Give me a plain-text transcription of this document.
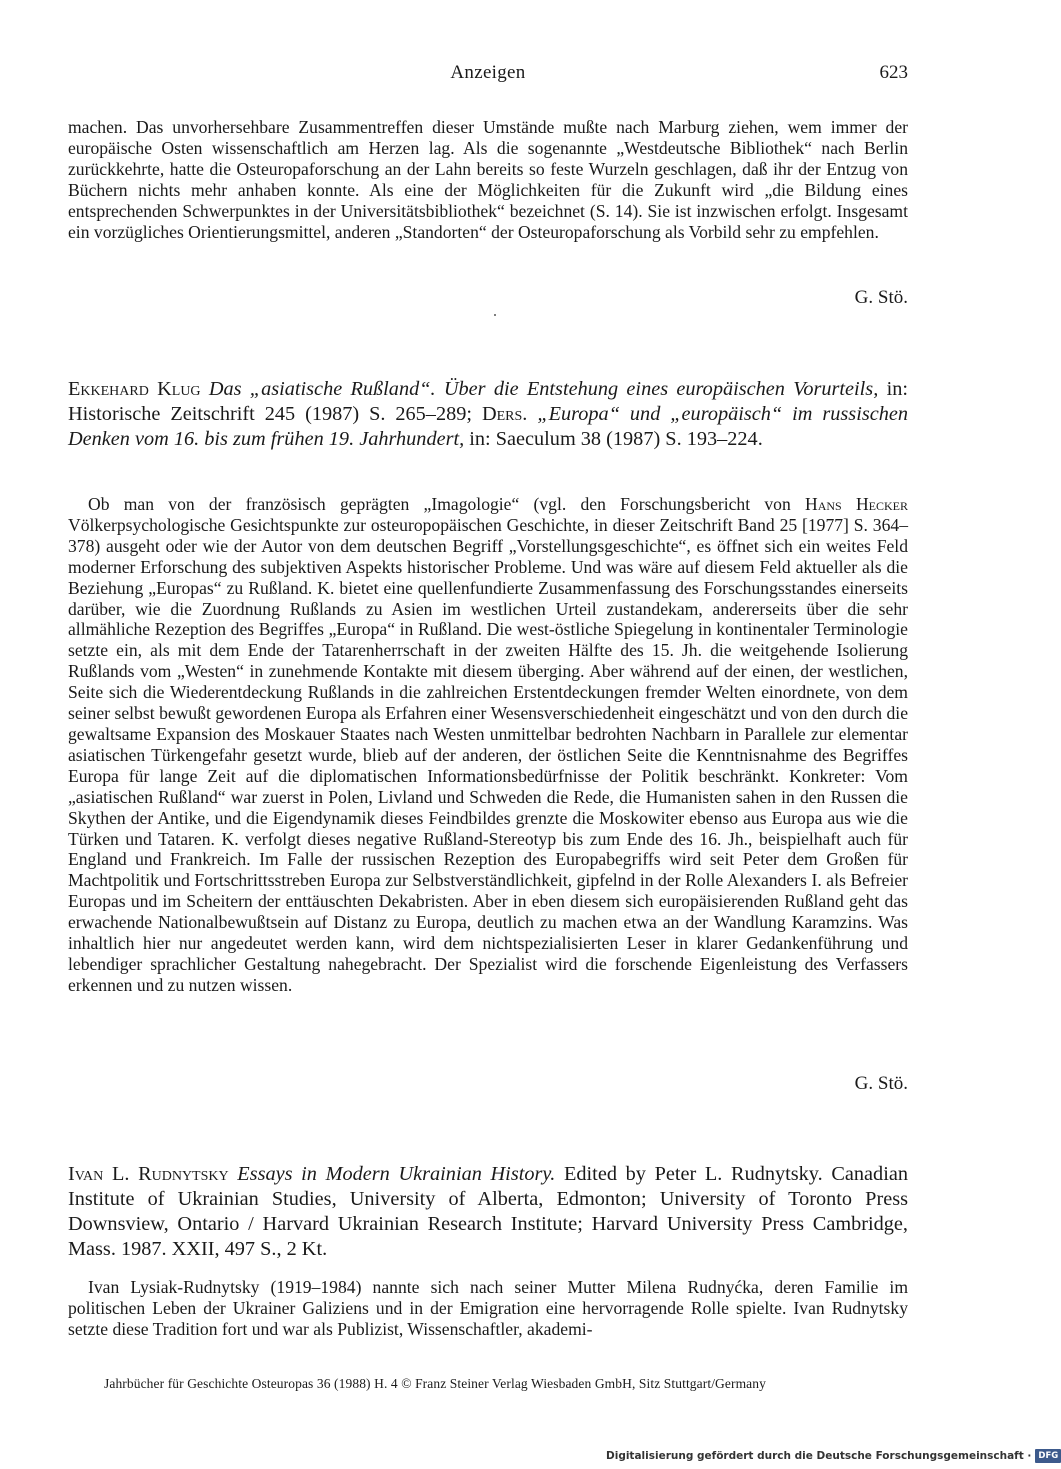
Anzeigen	623

machen. Das unvorhersehbare Zusammentreffen dieser Umstände mußte nach Marburg ziehen, wem immer der europäische Osten wissenschaftlich am Herzen lag. Als die sogenannte „Westdeutsche Bibliothek“ nach Berlin zurückkehrte, hatte die Osteuropaforschung an der Lahn bereits so feste Wurzeln geschlagen, daß ihr der Entzug von Büchern nichts mehr anhaben konnte. Als eine der Möglichkeiten für die Zukunft wird „die Bildung eines entsprechenden Schwerpunktes in der Universitätsbibliothek“ bezeichnet (S. 14). Sie ist inzwischen erfolgt. Insgesamt ein vorzügliches Orientierungsmittel, anderen „Standorten“ der Osteuropaforschung als Vorbild sehr zu empfehlen.

G. Stö.

Ekkehard Klug Das „asiatische Rußland“. Über die Entstehung eines europäischen Vorurteils, in: Historische Zeitschrift 245 (1987) S. 265–289; Ders. „Europa“ und „europäisch“ im russischen Denken vom 16. bis zum frühen 19. Jahrhundert, in: Saeculum 38 (1987) S. 193–224.

Ob man von der französisch geprägten „Imagologie“ (vgl. den Forschungsbericht von Hans Hecker Völkerpsychologische Gesichtspunkte zur osteuropopäischen Geschichte, in dieser Zeitschrift Band 25 [1977] S. 364–378) ausgeht oder wie der Autor von dem deutschen Begriff „Vorstellungsgeschichte“, es öffnet sich ein weites Feld moderner Erforschung des subjektiven Aspekts historischer Probleme. Und was wäre auf diesem Feld aktueller als die Beziehung „Europas“ zu Rußland. K. bietet eine quellenfundierte Zusammenfassung des Forschungsstandes einerseits darüber, wie die Zuordnung Rußlands zu Asien im westlichen Urteil zustandekam, andererseits über die sehr allmähliche Rezeption des Begriffes „Europa“ in Rußland. Die west-östliche Spiegelung in kontinentaler Terminologie setzte ein, als mit dem Ende der Tatarenherrschaft in der zweiten Hälfte des 15. Jh. die weitgehende Isolierung Rußlands vom „Westen“ in zunehmende Kontakte mit diesem überging. Aber während auf der einen, der westlichen, Seite sich die Wiederentdeckung Rußlands in die zahlreichen Erstentdeckungen fremder Welten einordnete, von dem seiner selbst bewußt gewordenen Europa als Erfahren einer Wesensverschiedenheit eingeschätzt und von den durch die gewaltsame Expansion des Moskauer Staates nach Westen unmittelbar bedrohten Nachbarn in Parallele zur elementar asiatischen Türkengefahr gesetzt wurde, blieb auf der anderen, der östlichen Seite die Kenntnisnahme des Begriffes Europa für lange Zeit auf die diplomatischen Informationsbedürfnisse der Politik beschränkt. Konkreter: Vom „asiatischen Rußland“ war zuerst in Polen, Livland und Schweden die Rede, die Humanisten sahen in den Russen die Skythen der Antike, und die Eigendynamik dieses Feindbildes grenzte die Moskowiter ebenso aus Europa aus wie die Türken und Tataren. K. verfolgt dieses negative Rußland-Stereotyp bis zum Ende des 16. Jh., beispielhaft auch für England und Frankreich. Im Falle der russischen Rezeption des Europabegriffs wird seit Peter dem Großen für Machtpolitik und Fortschrittsstreben Europa zur Selbstverständlichkeit, gipfelnd in der Rolle Alexanders I. als Befreier Europas und im Scheitern der enttäuschten Dekabristen. Aber in eben diesem sich europäisierenden Rußland geht das erwachende Nationalbewußtsein auf Distanz zu Europa, deutlich zu machen etwa an der Wandlung Karamzins. Was inhaltlich hier nur angedeutet werden kann, wird dem nichtspezialisierten Leser in klarer Gedankenführung und lebendiger sprachlicher Gestaltung nahegebracht. Der Spezialist wird die forschende Eigenleistung des Verfassers erkennen und zu nutzen wissen.

G. Stö.

Ivan L. Rudnytsky Essays in Modern Ukrainian History. Edited by Peter L. Rudnytsky. Canadian Institute of Ukrainian Studies, University of Alberta, Edmonton; University of Toronto Press Downsview, Ontario / Harvard Ukrainian Research Institute; Harvard University Press Cambridge, Mass. 1987. XXII, 497 S., 2 Kt.

Ivan Lysiak-Rudnytsky (1919–1984) nannte sich nach seiner Mutter Milena Rudnyćka, deren Familie im politischen Leben der Ukrainer Galiziens und in der Emigration eine hervorragende Rolle spielte. Ivan Rudnytsky setzte diese Tradition fort und war als Publizist, Wissenschaftler, akademi-

Jahrbücher für Geschichte Osteuropas 36 (1988) H. 4 © Franz Steiner Verlag Wiesbaden GmbH, Sitz Stuttgart/Germany
Digitalisierung gefördert durch die Deutsche Forschungsgemeinschaft · DFG
